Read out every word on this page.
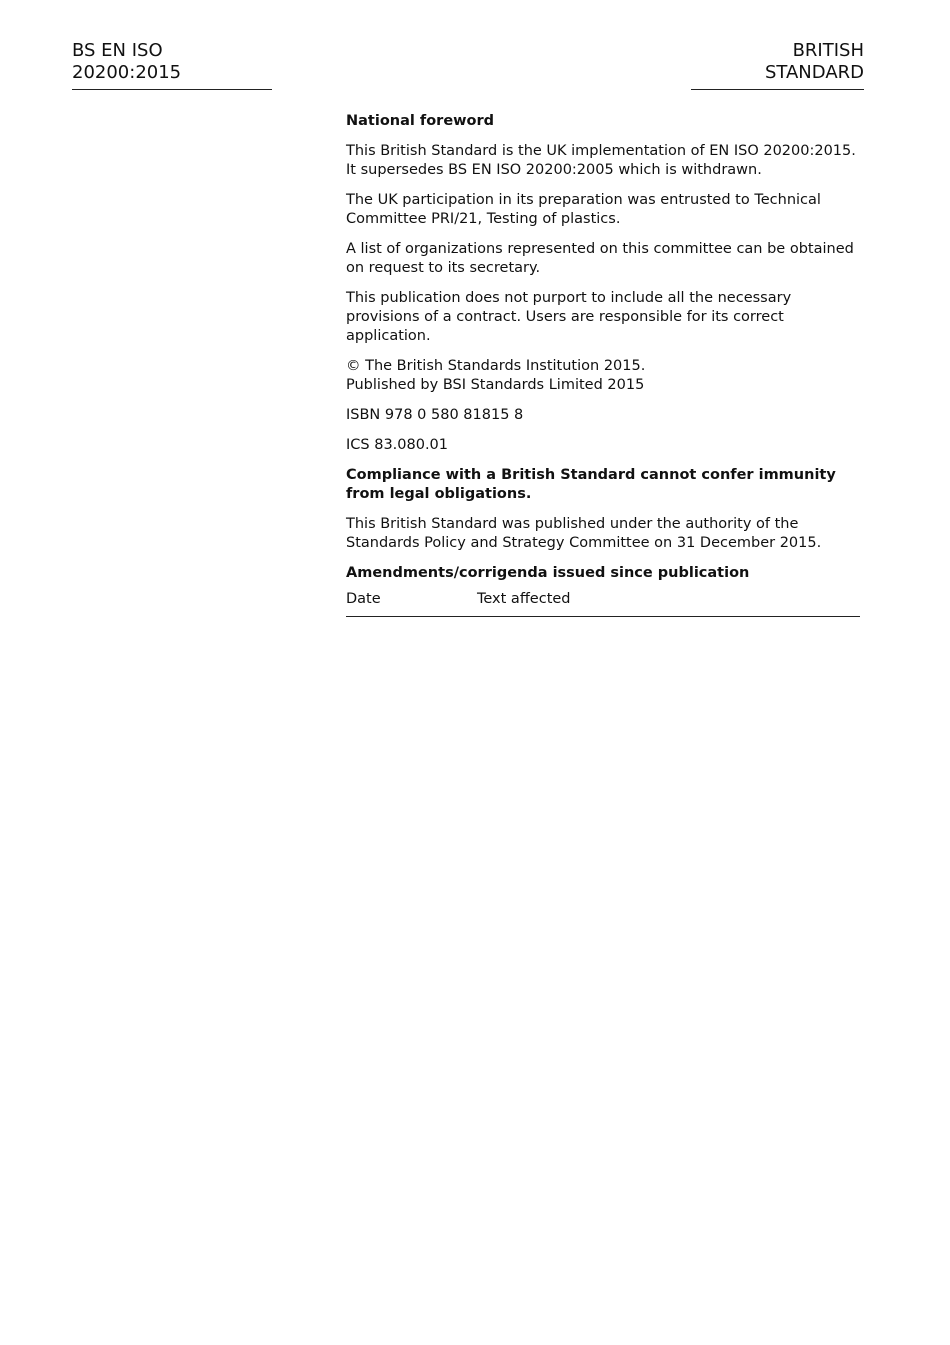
BS EN ISO 20200:2015
BRITISH STANDARD

National foreword

This British Standard is the UK implementation of EN ISO 20200:2015.
It supersedes BS EN ISO 20200:2005 which is withdrawn.

The UK participation in its preparation was entrusted to Technical Committee PRI/21, Testing of plastics.

A list of organizations represented on this committee can be obtained on request to its secretary.

This publication does not purport to include all the necessary provisions of a contract. Users are responsible for its correct application.

© The British Standards Institution 2015.
Published by BSI Standards Limited 2015

ISBN 978 0 580 81815 8

ICS 83.080.01

Compliance with a British Standard cannot confer immunity from legal obligations.

This British Standard was published under the authority of the Standards Policy and Strategy Committee on 31 December 2015.

Amendments/corrigenda issued since publication

Date	Text affected
